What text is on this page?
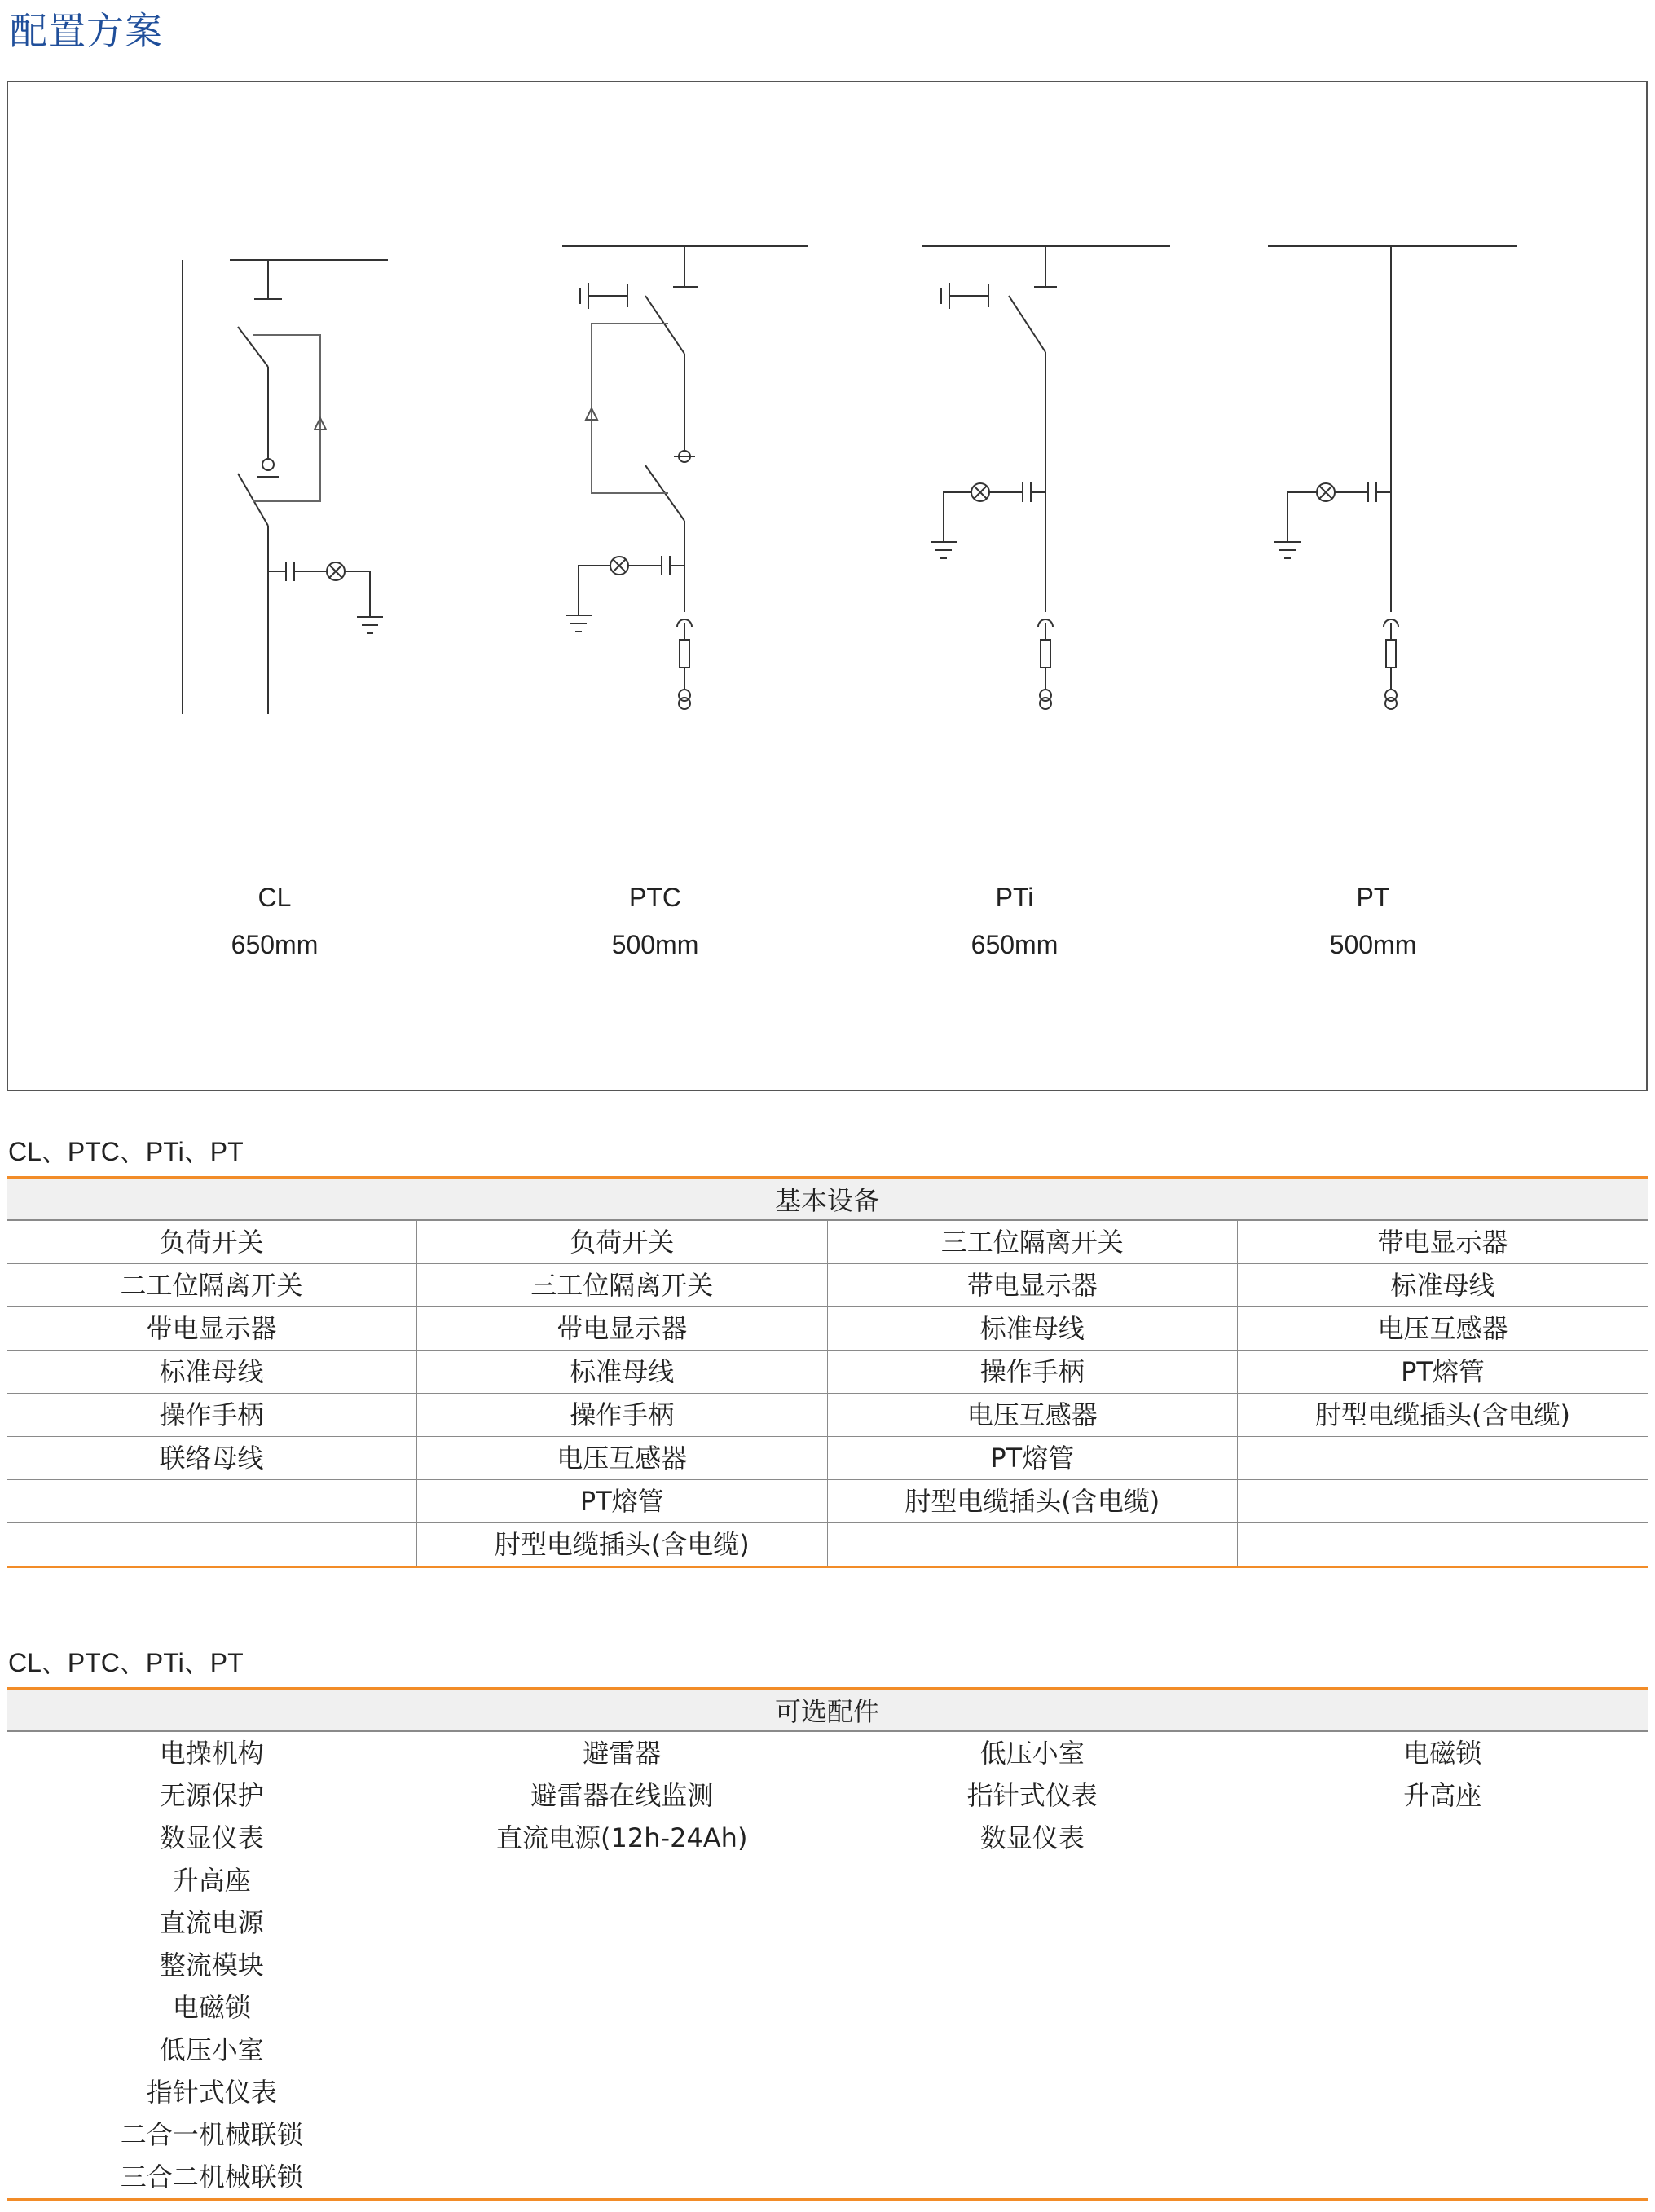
配置方案
CL
650mm
PTC
500mm
PTi
650mm
PT
500mm
CL、PTC、PTi、PT
基本设备			
负荷开关	负荷开关	三工位隔离开关	带电显示器
二工位隔离开关	三工位隔离开关	带电显示器	标准母线
带电显示器	带电显示器	标准母线	电压互感器
标准母线	标准母线	操作手柄	PT熔管
操作手柄	操作手柄	电压互感器	肘型电缆插头(含电缆)
联络母线	电压互感器	PT熔管	
	PT熔管	肘型电缆插头(含电缆)	
	肘型电缆插头(含电缆)		
CL、PTC、PTi、PT
可选配件			
电操机构	避雷器	低压小室	电磁锁
无源保护	避雷器在线监测	指针式仪表	升高座
数显仪表	直流电源(12h-24Ah)	数显仪表	
升高座			
直流电源			
整流模块			
电磁锁			
低压小室			
指针式仪表			
二合一机械联锁			
三合二机械联锁			
